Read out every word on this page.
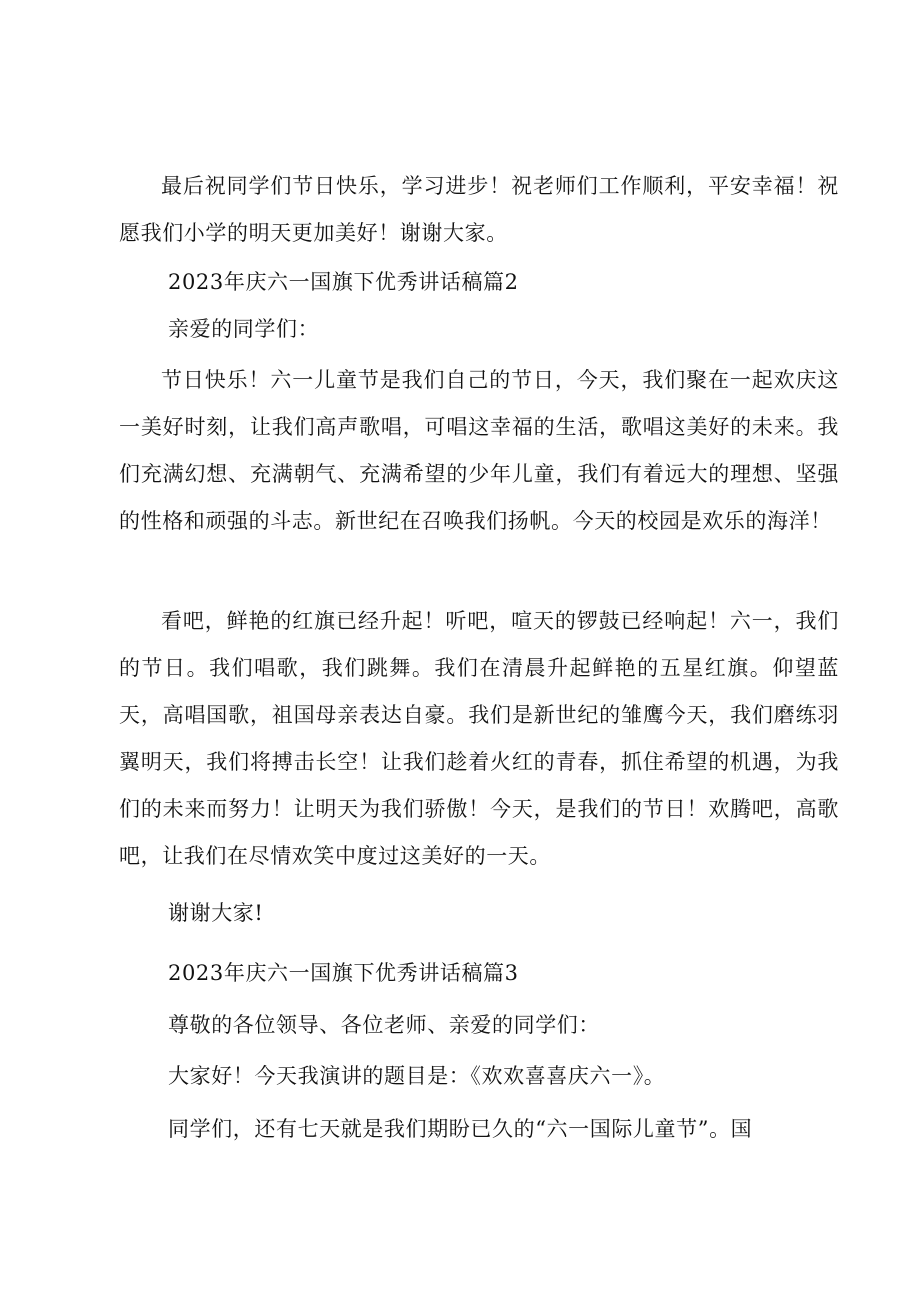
最后祝同学们节日快乐，学习进步！祝老师们工作顺利，平安幸福！祝愿我们小学的明天更加美好！谢谢大家。

2023年庆六一国旗下优秀讲话稿篇2

亲爱的同学们：

节日快乐！六一儿童节是我们自己的节日，今天，我们聚在一起欢庆这一美好时刻，让我们高声歌唱，可唱这幸福的生活，歌唱这美好的未来。我们充满幻想、充满朝气、充满希望的少年儿童，我们有着远大的理想、坚强的性格和顽强的斗志。新世纪在召唤我们扬帆。今天的校园是欢乐的海洋！

看吧，鲜艳的红旗已经升起！听吧，喧天的锣鼓已经响起！六一，我们的节日。我们唱歌，我们跳舞。我们在清晨升起鲜艳的五星红旗。仰望蓝天，高唱国歌，祖国母亲表达自豪。我们是新世纪的雏鹰今天，我们磨练羽翼明天，我们将搏击长空！让我们趁着火红的青春，抓住希望的机遇，为我们的未来而努力！让明天为我们骄傲！今天，是我们的节日！欢腾吧，高歌吧，让我们在尽情欢笑中度过这美好的一天。

谢谢大家!

2023年庆六一国旗下优秀讲话稿篇3

尊敬的各位领导、各位老师、亲爱的同学们：

大家好！今天我演讲的题目是：《欢欢喜喜庆六一》。

同学们，还有七天就是我们期盼已久的“六一国际儿童节”。国
